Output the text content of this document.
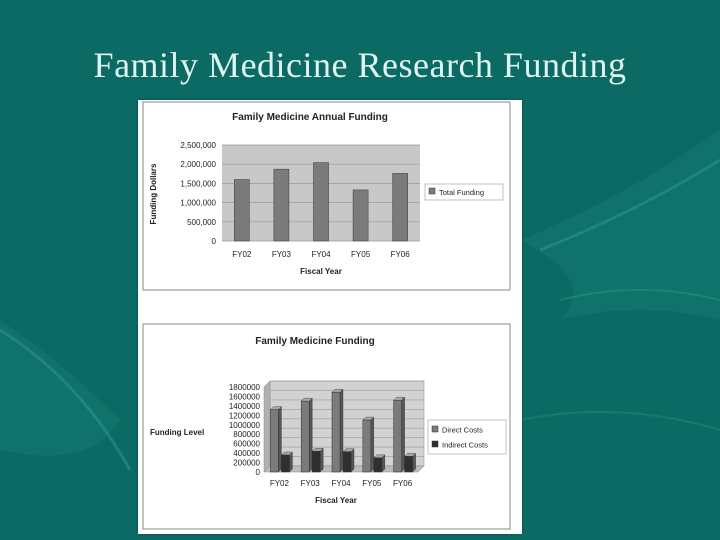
Family Medicine Research Funding
Family Medicine Annual Funding
Funding Dollars
Fiscal Year
0
500,000
1,000,000
1,500,000
2,000,000
2,500,000
FY02	FY03	FY04	FY05	FY06
Total Funding
Family Medicine Funding
Funding Level
Fiscal Year
0
200000
400000
600000
800000
1000000
1200000
1400000
1600000
1800000
FY02 FY03 FY04 FY05 FY06
Direct Costs
Indirect Costs
